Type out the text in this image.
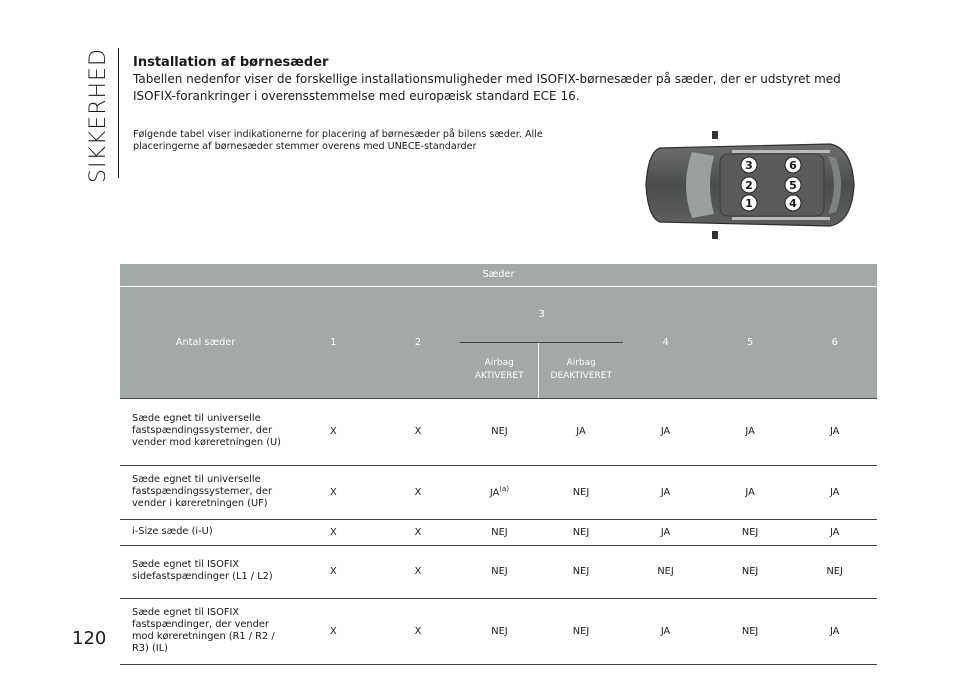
SIKKERHED Installation af børnesæder
Tabellen nedenfor viser de forskellige installationsmuligheder med ISOFIX-børnesæder på sæder, der er udstyret med ISOFIX-forankringer i overensstemmelse med europæisk standard ECE 16.
Følgende tabel viser indikationerne for placering af børnesæder på bilens sæder. Alle placeringerne af børnesæder stemmer overens med UNECE-standarder
3	6
2	5
1	4
Sæder							
Antal sæder	1	2	3		4	5	6
			Airbag AKTIVERET	Airbag DEAKTIVERET			
Sæde egnet til universelle fastspændingssystemer, der vender mod køreretningen (U)	X	X	NEJ	JA	JA	JA	JA
Sæde egnet til universelle fastspændingssystemer, der vender i køreretningen (UF)	X	X	JA$^{(a)}$	NEJ	JA	JA	JA
i-Size sæde (i-U)	X	X	NEJ	NEJ	JA	NEJ	JA
Sæde egnet til ISOFIX sidefastspændinger (L1 / L2)	X	X	NEJ	NEJ	NEJ	NEJ	NEJ
Sæde egnet til ISOFIX fastspændinger, der vender mod køreretningen (R1 / R2 / R3) (IL)	X	X	NEJ	NEJ	JA	NEJ	JA
120
